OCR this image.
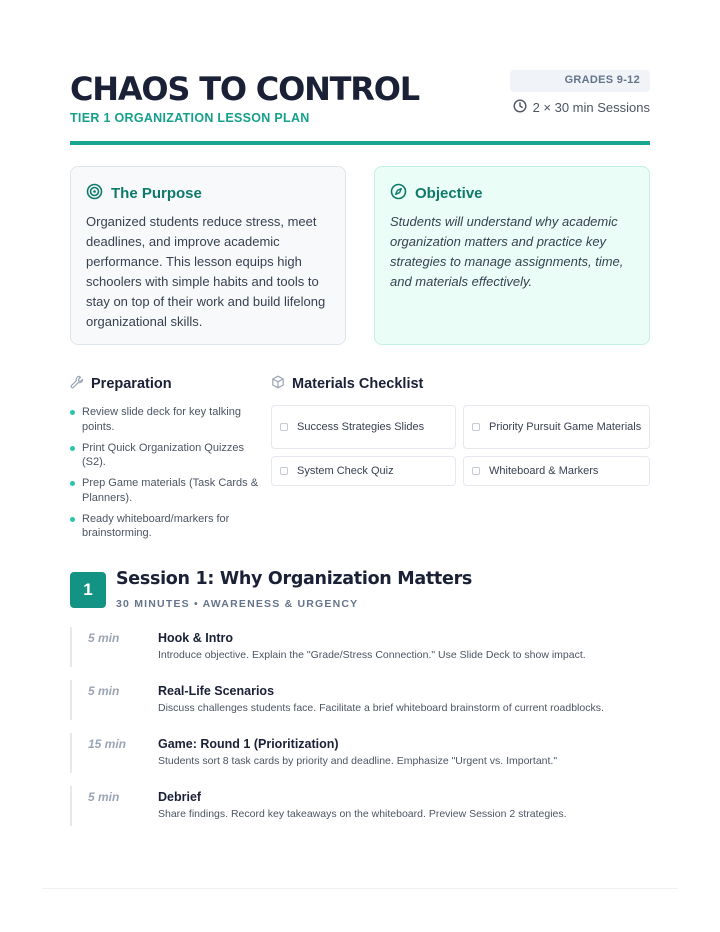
CHAOS TO CONTROL
TIER 1 ORGANIZATION LESSON PLAN
GRADES 9-12
2 × 30 min Sessions
The Purpose

Organized students reduce stress, meet deadlines, and improve academic performance. This lesson equips high schoolers with simple habits and tools to stay on top of their work and build lifelong organizational skills.

Objective

Students will understand why academic organization matters and practice key strategies to manage assignments, time, and materials effectively.

Preparation
Review slide deck for key talking points.
Print Quick Organization Quizzes (S2).
Prep Game materials (Task Cards & Planners).
Ready whiteboard/markers for brainstorming.
Materials Checklist
Success Strategies Slides	Priority Pursuit Game Materials
System Check Quiz	Whiteboard & Markers
1
Session 1: Why Organization Matters
30 MINUTES • AWARENESS & URGENCY
5 min	Hook & Intro
Introduce objective. Explain the "Grade/Stress Connection." Use Slide Deck to show impact.
5 min	Real-Life Scenarios
Discuss challenges students face. Facilitate a brief whiteboard brainstorm of current roadblocks.
15 min	Game: Round 1 (Prioritization)
Students sort 8 task cards by priority and deadline. Emphasize "Urgent vs. Important."
5 min	Debrief
Share findings. Record key takeaways on the whiteboard. Preview Session 2 strategies.
